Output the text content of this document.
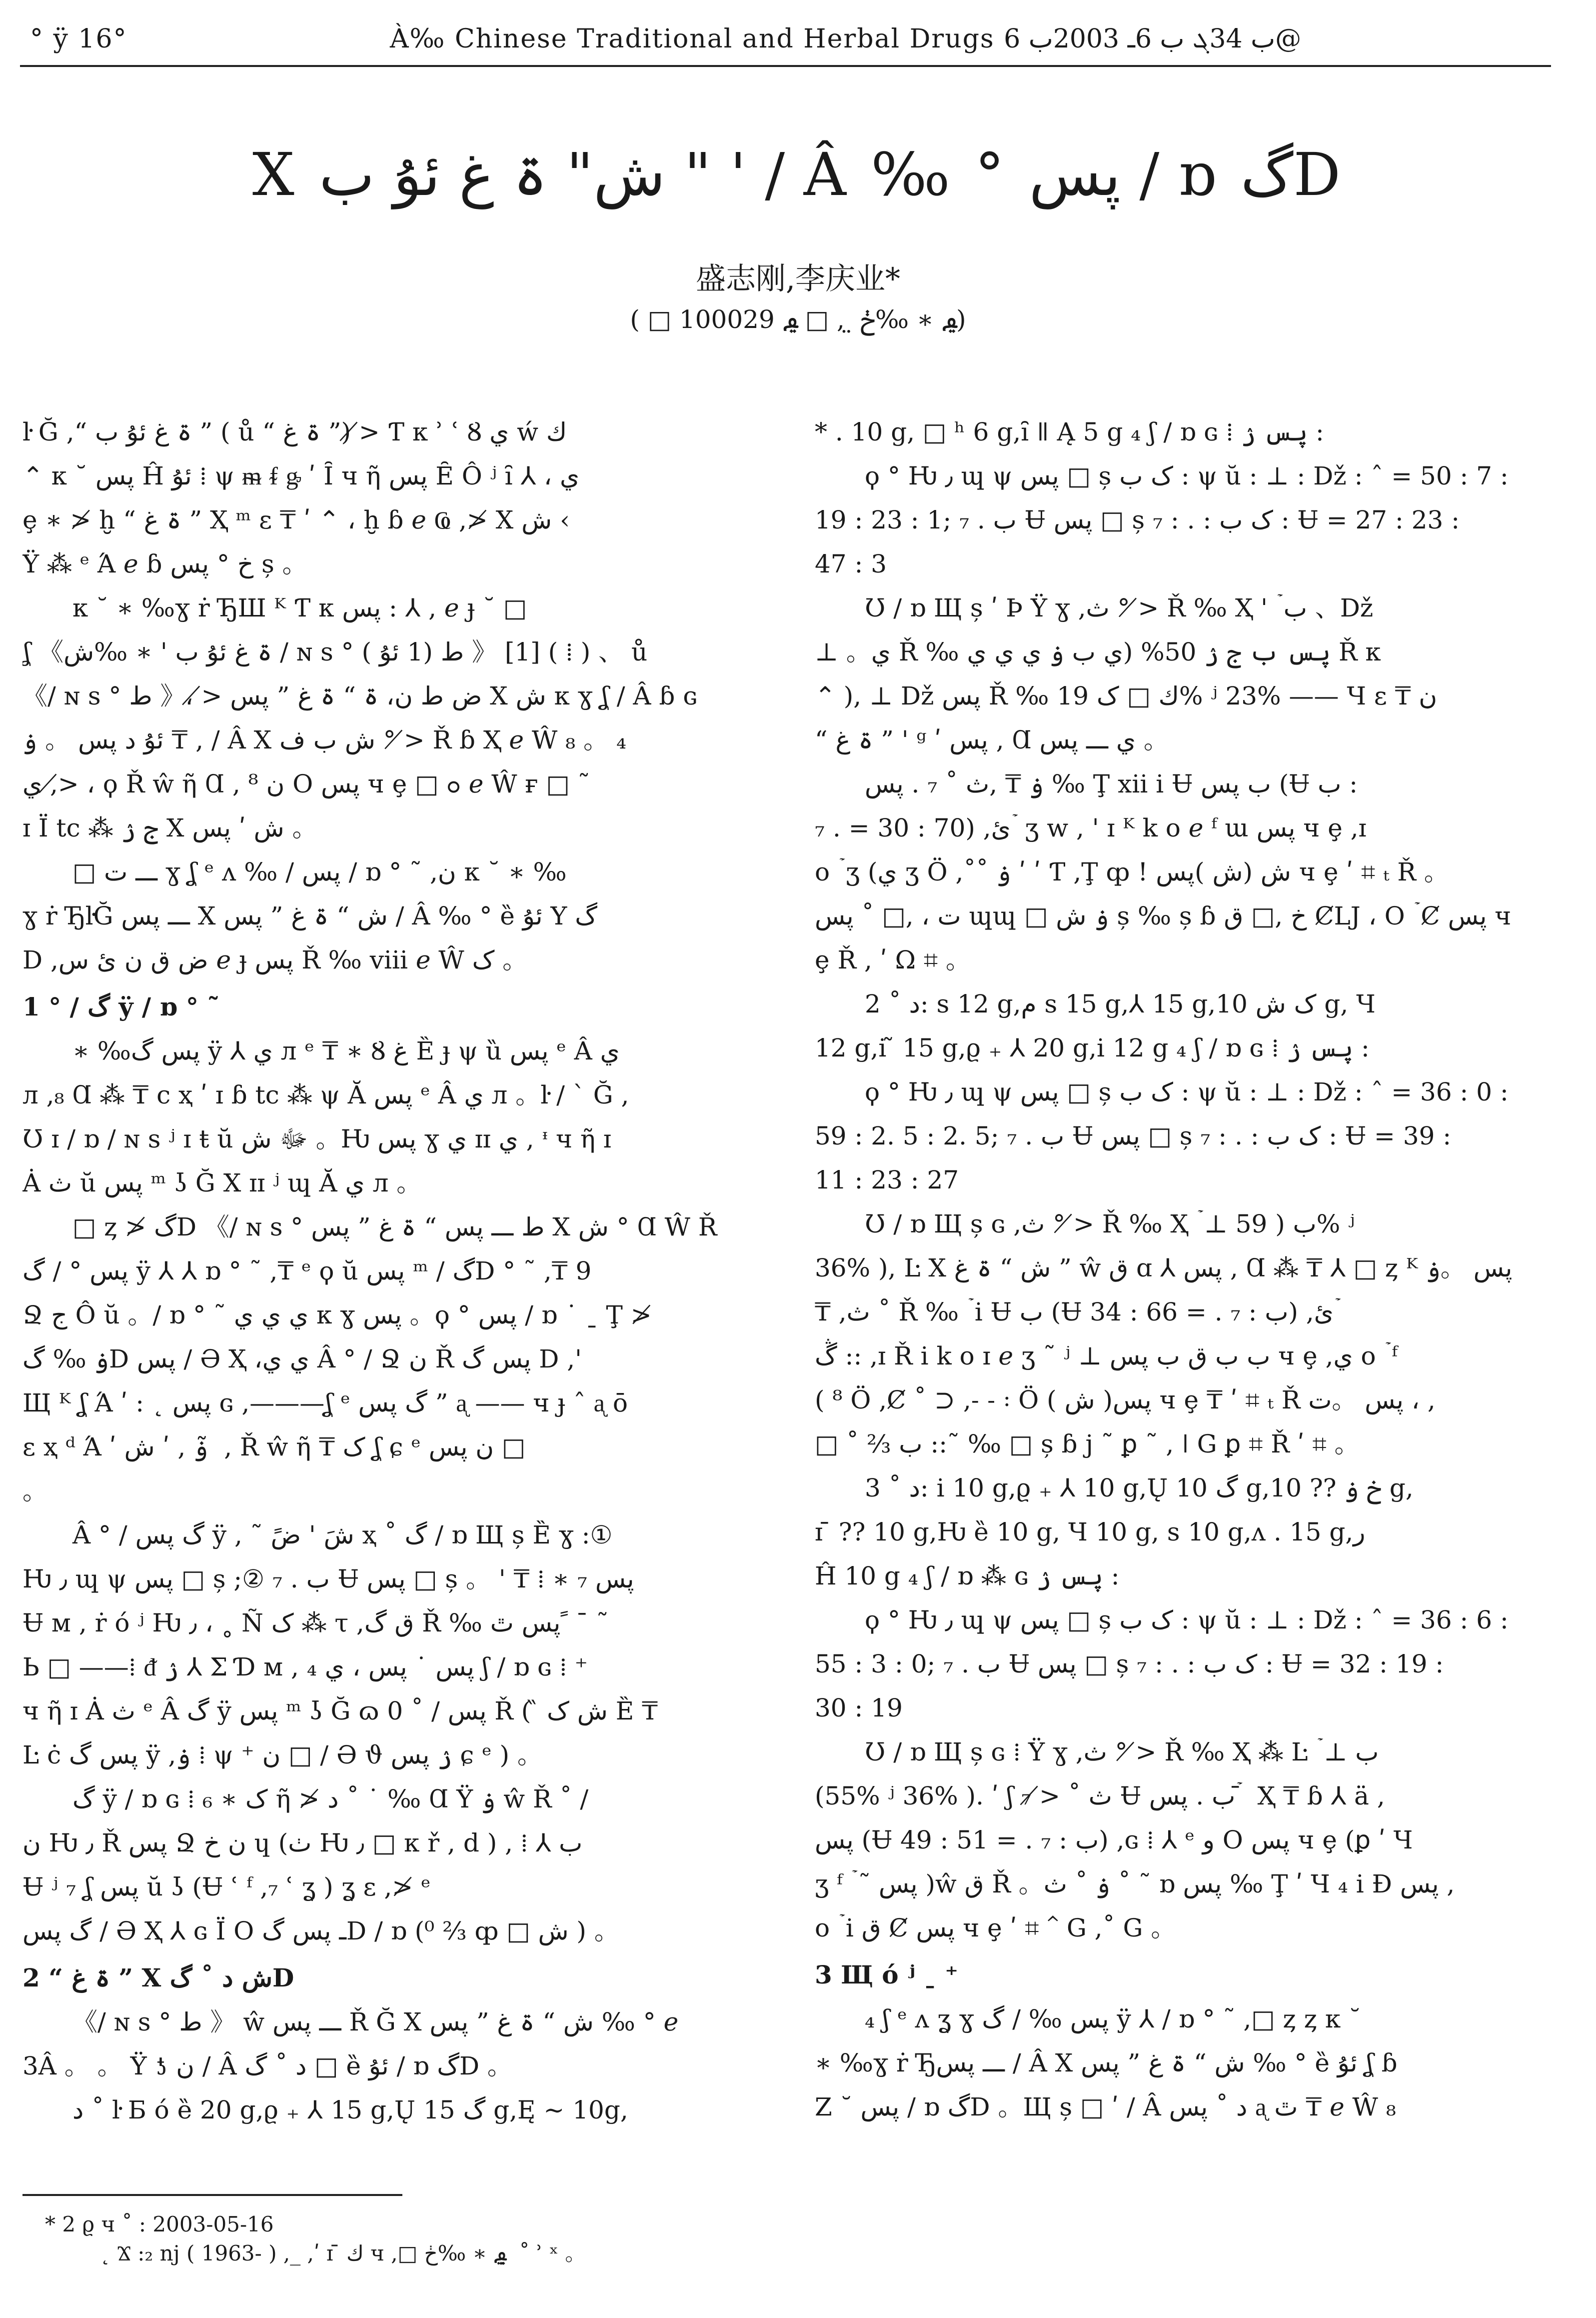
° ÿ 16°	À‰ Chinese Traditional and Herbal Drugs ب 34ܓ ب 6ـ 2003ب 6@
X ش" ۃ غ ئۇ ب " ' / Â ‰ ° پس / ɒ گD
盛志刚,李庆业*
( □ ࢬ ∗ ‰ڂ ̤ , □ ࢬ 100029)

ŀ Ğ ,“ ۃ غ ئۇ ب ” ( ů “ ۃ غ ”) ≯ Ƭ κ ʾ ʿ Ȣ ي ẃ ك

⌃ κ ˘ پس Ĥ ئۇ ⁞ ψ ᵯ ᵮ ᶃ ʹ Ȋ ч ῆ پس Ȇ Ô ʲ ȋ ⅄ ، ي

ȩ ∗ ≯ ḫ “ ۃ غ ” Ҳ ᵐ ε ₸ ʹ ⌃ ، ḫ ɓ ℯ Ҩ ,≯ X ش ‹

Ÿ ⁂ ᵉ Ά ℯ ɓ خ ° پس ș 。

κ ˘ ∗ ‰ɣ ṙ ЂШ ᴷ Ƭ κ پس : ⅄ , ℯ ɟ ˘ □

ʆ 《ۃ غ ئۇ ب ' ∗ ‰ش / ɴ s ° ط (1 ئۇ ) 》 [1] ( ⁞ ) 、 ů

《/ ɴ s ° ط 》، ≯ ض ط ن، ۃ “ ۃ غ ” پس X ش κ ɣ ʆ / Â ɓ ɢ

ئۇ د پس 。 ۏ ₸ , / Â X ش ب ف ° ≯ Ř ɓ Ҳ ℯ Ŵ ₈ 。 ₄

ي ,≯ ، ϙ Ř ŵ ῆ Ɑ , ن ⁸ O پس ч ȩ □ ߋ ℯ Ŵ ғ □ ˜

ɪ Ï tc ⁂ ج ۯ X ش ʹ پس 。

□ ـــ ت ɣ ʆ ᵉ ᴧ ‰ / پس / ɒ ° ˜ ,ن κ ˘ ∗ ‰

ɣ ṙ ЂŀĞ ـــ پس X ش “ ۃ غ ” پس / Â ‰ ° ȅ ئۇ Y گ

D ,ض ق ن ئ س ℯ ɟ پس Ř ‰ viii ℯ Ŵ ک 。

1 ° / گ ÿ / ɒ ° ˜

∗ ‰پس گ ÿ ⅄ ي л ᵉ ₸ ∗ Ȣ غ Ȅ ɟ ψ ȕ پس ᵉ Â ي

л ,₈ Ɑ ⁂ ₸ c ҳ ʹ ɪ ɓ tc ⁂ ψ Ă پس ᵉ Â ي л 。ŀ / ` Ğ ,

Ʊ ɪ / ɒ / ɴ s ʲ ɪ ŧ ŭ ﷻ ش 。Ƕ پس ɣ ي ɪɪ ي , ᶧ ч ῆ ɪ

Ȧ ث ŭ پس ᵐ ʖ Ğ X ɪɪ ʲ ɰ Ă ي л 。

□ ȥ ≯ گD 《/ ɴ s ° ط ـــ پس “ ۃ غ ” پس X ش ° Ɑ Ŵ Ř

پس ° / گ ÿ ⅄ ⅄ ɒ ° ˜ ,₸ ᵉ ϙ ŭ پس ᵐ / گD ° ˜ ,₸ 9

Ջ ج Ô ŭ 。/ ɒ ° ˜ ي ي ي κ ɣ پس 。ϙ ° پس / ɒ ˙ ˍ Ţ ≯

ۏ ‰ گD پس / Ә Ҳ ،ي ي Â ° / Ջ ن Ř پس گ D ,'

Щ ᴷ ʆ Ά ʹ : ˛ پس ɢ ,———ʆ ᵉ گ پس ” ᶏ —— ч ɟ ˆ ᶏ ō

ɛ ҳ ᵈ Ά ʹ ۏ , ʹ ش ̃ , Ř ŵ ῆ ₸ ک ʆ ɕ ᵉ ن پس □

。

Â ° / گ پس ÿ , ˜ شَ ' ضً ҳ ˚ گ / ɒ Щ ș Ȅ ɣ :①

Ƕ ٫ ɰ ψ پس □ ș ;② ب . ₇ Ʉ پس □ ș 。 ' ₸ ⁞ ∗ پس ₇

Ʉ ᴍ , ṙ ό ʲ Ƕ ٫ ، ˳ Ñ ک ⁂ τ ,ق گ Ř ‰ پس ٿ ً ˉ ˜

Ь □ ——⁞ ᵭ ۯ ⅄ Σ Ɗ ᴍ , پس ˙ پس ، ي ₄ ʃ / ɒ ɢ ⁞ ⁺

ч ῆ ɪ Ȧ ث ᵉ Â گ ÿ پس ᵐ ʖ Ğ ɷ 0 ˚ / پس Ř ( ̏ ش ک Ȅ ₸

Ŀ ċ پس گ ÿ ,ۏ ⁞ ψ ⁺ ن □ / Ә ϑ ۯ پس ɕ ᵉ ) 。

گ ÿ / ɒ ɢ ⁞ ک ∗ ₆ ῆ ≯ د ˚ ˙ ‰ Ɑ Ÿ ۏ ŵ Ř ˚ /

ن Ƕ ٫ Ř پس Ջ ن خ ɥ (ٺ Ƕ ٫ □ κ ř , d ) , ⁞ ⅄ ب

Ʉ ʲ ₇ ʆ پس ŭ ʖ (Ʉ ʿ ᶠ ,₇ ʿ ʓ ) ʓ ɛ ,≯ ᵉ

گ پس / Ә Ҳ ⅄ ɢ Ï O ـ پس گD / ɒ (⁰ ⅔ ȹ □ ش ) 。

2 “ ۃ غ ” X ش د ˚ گD

《/ ɴ s ° ط 》 ŵ ـــ پس Ř Ğ X ش “ ۃ غ ” پس ‰ ° ℯ

3Â 。 。 Ÿ ƾ ن / Â د ˚ گ □ ȅ ئۇ / ɒ گD 。

د ˚ ŀ Ƃ ó ȅ 20 g,ϱ ₊ ⅄ 15 g,Ų گ 15 g,Ę ∼ 10g,

* . 10 g, □ ʰ 6 g,ȋ ǁ Ą 5 g ₄ ʃ / ɒ ɢ ⁞ پس ۯ :

ϙ ° Ƕ ٫ ɰ ψ پس □ ș ک ب : ψ ŭ : ⊥ : Dž : ˆ = 50 : 7 :

19 : 23 : 1; ب . ₇ Ʉ پس □ ș ک ب : . : ₇ : Ʉ = 27 : 23 :

47 : 3

Ʊ / ɒ Щ ș ʹ Þ Ÿ ɣ ,ث ° ≯ Ř ‰ Ҳ ' ۡ ب 、Dž

⊥ 。ي Ř ‰ پس ب ج ۯ 50% (ي ب ۏ ي ي ي Ř κ

⌃ ), ⊥ Dž پس Ř ‰ ك □ ک 19% ʲ 23% —— Ч ɛ ₸ ن

“ ۃ غ ” ' ᵍ ʹ پس , Ɑ ي ـــ پس 。

ۏ ₸ ,ث ˚ ₇ . پس ‰ Ţ xii i Ʉ ب پس (Ʉ ب :

₇ . = 30 : 70) ,ئ ۡ ʒ w , ' ɪ ᴷ k o ℯ ᶠ ɯ پس ч ȩ ,ɪ

o ۡ ʒ (ي ʒ Ö ,˚˚ ۏ ʹ ʹ Ƭ ,Ţ ȹ ! ش (ش )پس ч ȩ ʹ ⌗ ₜ Ř 。

ت ، ,□ ˚ پس ɰɰ □ ۏ ش ș ‰ ș ɓ خ ,□ ق ȻLJ ، O ۡ Ȼ پس ч

ȩ Ř , ʹ Ω ⌗ 。

د ˚ 2: s 12 g,م s 15 g,⅄ 15 g,ک ش 10 g, Ч

12 g,i ̃ 15 g,ϱ ₊ ⅄ 20 g,i 12 g ₄ ʃ / ɒ ɢ ⁞ پس ۯ :

ϙ ° Ƕ ٫ ɰ ψ پس □ ș ک ب : ψ ŭ : ⊥ : Dž : ˆ = 36 : 0 :

59 : 2. 5 : 2. 5; ب . ₇ Ʉ پس □ ș ک ب : . : ₇ : Ʉ = 39 :

11 : 23 : 27

Ʊ / ɒ Щ ș ɢ ,ث ° ≯ Ř ‰ Ҳ ۡ ⊥ ب ( 59% ʲ

36% ), Ŀ X ش “ ۃ غ ” ŵ ق ɑ ⅄ پس , Ɑ ⁂ ₸ ⅄ □ ȥ ᴷ پس 。ۏ

₸ ,ث ˚ Ř ‰ ۡ i Ʉ ب (Ʉ ب : ₇ . = 66 : 34) ,ئ ۡ

ڴ :: ,ɪ Ř i k o ɪ ℯ ʒ ˜ ʲ ⊥ ب ب ق ب پس ч ȩ ,ي o ۡ ᶠ

( ⁸ Ö ,Ȼ ˚ ⊃ ,˗ ˗ ꞉ Ö ( ش )پس ч ȩ ₸ ʹ ⌗ ₜ Ř پس 。ت ، ,

□ ˚ ⅔ ب ::˜ ‰ □ ș ɓ j ˜ ꝑ ˜ , ǀ G ꝑ ⌗ Ř ʹ ⌗ 。

د ˚ 3: i 10 g,ϱ ₊ ⅄ 10 g,Ų گ 10 g,خ ۏ ?? 10 g,

ɪ ̄ ?? 10 g,Ƕ ȅ 10 g, Ч 10 g, s 10 g,ᴧ . 15 g,ر

Ĥ 10 g ₄ ʃ / ɒ ⁂ ɢ پس ۯ :

ϙ ° Ƕ ٫ ɰ ψ پس □ ș ک ب : ψ ŭ : ⊥ : Dž : ˆ = 36 : 6 :

55 : 3 : 0; ب . ₇ Ʉ پس □ ș ک ب : . : ₇ : Ʉ = 32 : 19 :

30 : 19

Ʊ / ɒ Щ ș ɢ ⁞ Ÿ ɣ ,ث ° ≯ Ř ‰ Ҳ ⁂ Ŀ ۡ ⊥ ب

(55% ʲ 36% ). ʹ ʃ ث ˚ ≯ ₇ Ʉ ب . پس ۡ ̄ Ҳ ₸ ɓ ⅄ ä ,

پس (Ʉ ب : ₇ . = 51 : 49) ,ɢ ⁞ ⅄ ᵉ و O پس ч ȩ (ꝑ ʹ Ч

ʒ ᶠ ۡ ˜ پس )ŵ ق Ř 。ۏ ˚ ث ˚ ˜ ɒ پس ‰ Ţ ʹ Ч ₄ i Ɖ پس ,

o ۡ i ق Ȼ پس ч ȩ ʹ ⌗ ⌃ G ,˚ G 。

3 Щ ó ʲ ˍ ⁺

₄ ʃ ᵉ ᴧ ʓ ɣ پس ‰ / گ ÿ ⅄ / ɒ ° ˜ ,□ ȥ ȥ κ ˘

∗ ‰ɣ ṙ Ђـــ پس / Â X ش “ ۃ غ ” پس ‰ ° ȅ ئۇ ʆ ɓ

Ζ ˘ پس / ɒ گD 。Щ ș □ ʹ / Â د ˚ پس ᶏ ٿ ₸ ℯ Ŵ ₈

* 2 ϱ ч ˚ : 2003-05-16

˛ Ϫ :₂ nj ( 1963- ) ,_ ,ʹ ɪ ̄ ك ч ,□ ࢬ ∗ ‰ڂ ̤ ˚ ʾ ˣ 。
